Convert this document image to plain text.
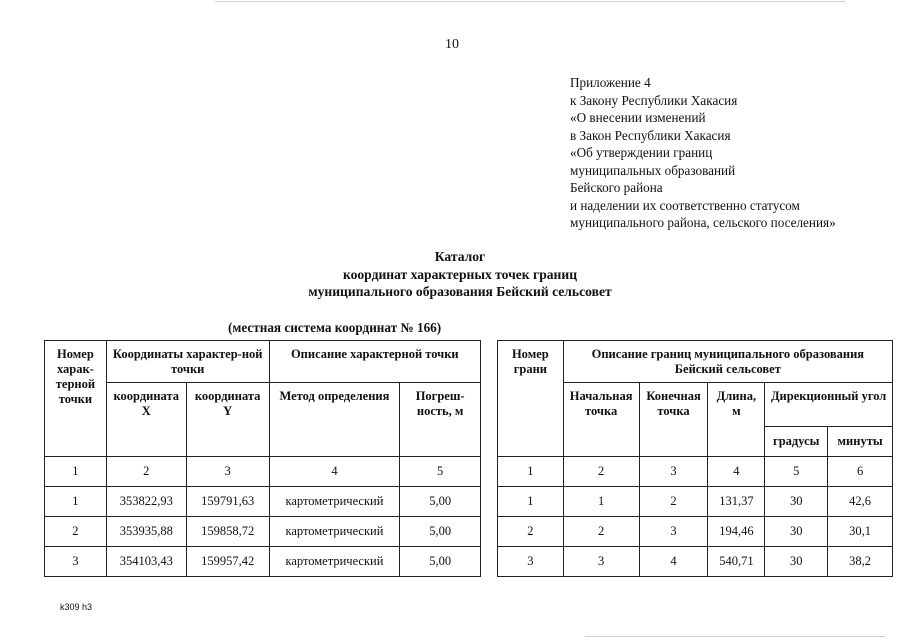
10
Приложение 4
к Закону Республики Хакасия
«О внесении изменений
в Закон Республики Хакасия
«Об утверждении границ
муниципальных образований
Бейского района
и наделении их соответственно статусом
муниципального района, сельского поселения»
Каталог
координат характерных точек границ
муниципального образования Бейский сельсовет
(местная система координат № 166)
Номер харак-терной точки	Координаты характер-ной точки		Описание характерной точки	
	координата X	координата Y	Метод определения	Погреш-ность, м
1	2	3	4	5
1	353822,93	159791,63	картометрический	5,00
2	353935,88	159858,72	картометрический	5,00
3	354103,43	159957,42	картометрический	5,00
Номер грани	Описание границ муниципального образования Бейский сельсовет				
	Начальная точка	Конечная точка	Длина, м	Дирекционный угол	
				градусы	минуты
1	2	3	4	5	6
1	1	2	131,37	30	42,6
2	2	3	194,46	30	30,1
3	3	4	540,71	30	38,2
k309 h3
